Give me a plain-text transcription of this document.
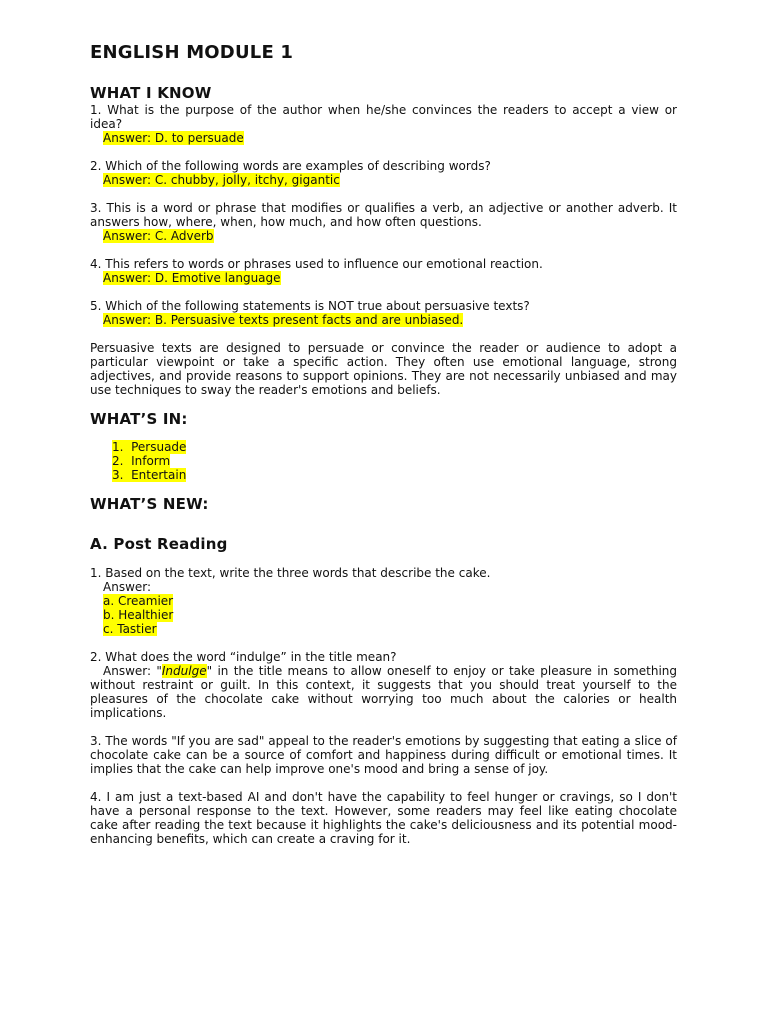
ENGLISH MODULE 1
WHAT I KNOW

1. What is the purpose of the author when he/she convinces the readers to accept a view or idea?

Answer: D. to persuade

2. Which of the following words are examples of describing words?

Answer: C. chubby, jolly, itchy, gigantic

3. This is a word or phrase that modifies or qualifies a verb, an adjective or another adverb. It answers how, where, when, how much, and how often questions.

Answer: C. Adverb

4. This refers to words or phrases used to influence our emotional reaction.

Answer: D. Emotive language

5. Which of the following statements is NOT true about persuasive texts?

Answer: B. Persuasive texts present facts and are unbiased.

Persuasive texts are designed to persuade or convince the reader or audience to adopt a particular viewpoint or take a specific action. They often use emotional language, strong adjectives, and provide reasons to support opinions. They are not necessarily unbiased and may use techniques to sway the reader's emotions and beliefs.

WHAT’S IN:
1. Persuade
2. Inform
3. Entertain
WHAT’S NEW:
A. Post Reading

1. Based on the text, write the three words that describe the cake.

Answer:
a. Creamier
b. Healthier
c. Tastier

2. What does the word “indulge” in the title mean?

Answer: "Indulge" in the title means to allow oneself to enjoy or take pleasure in something without restraint or guilt. In this context, it suggests that you should treat yourself to the pleasures of the chocolate cake without worrying too much about the calories or health implications.

3. The words "If you are sad" appeal to the reader's emotions by suggesting that eating a slice of chocolate cake can be a source of comfort and happiness during difficult or emotional times. It implies that the cake can help improve one's mood and bring a sense of joy.

4. I am just a text-based AI and don't have the capability to feel hunger or cravings, so I don't have a personal response to the text. However, some readers may feel like eating chocolate cake after reading the text because it highlights the cake's deliciousness and its potential mood-enhancing benefits, which can create a craving for it.
